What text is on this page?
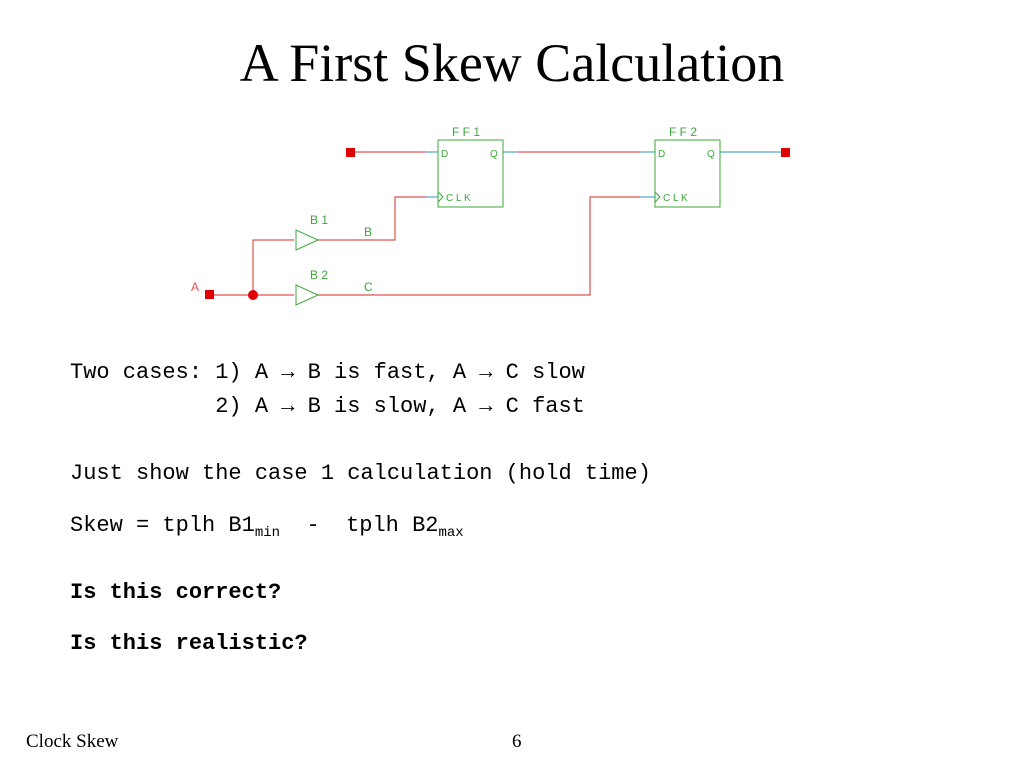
A First Skew Calculation
F F 1	F F 2
D	Q
C L K
D	Q
C L K
B 1
B 2
B
C
A
Two cases: 1) A → B is fast, A → C slow
2) A → B is slow, A → C fast
Just show the case 1 calculation (hold time)
Skew = tplh $B1_{min}$  -  tplh $B2_{max}$
Is this correct?
Is this realistic?
Clock Skew	6
